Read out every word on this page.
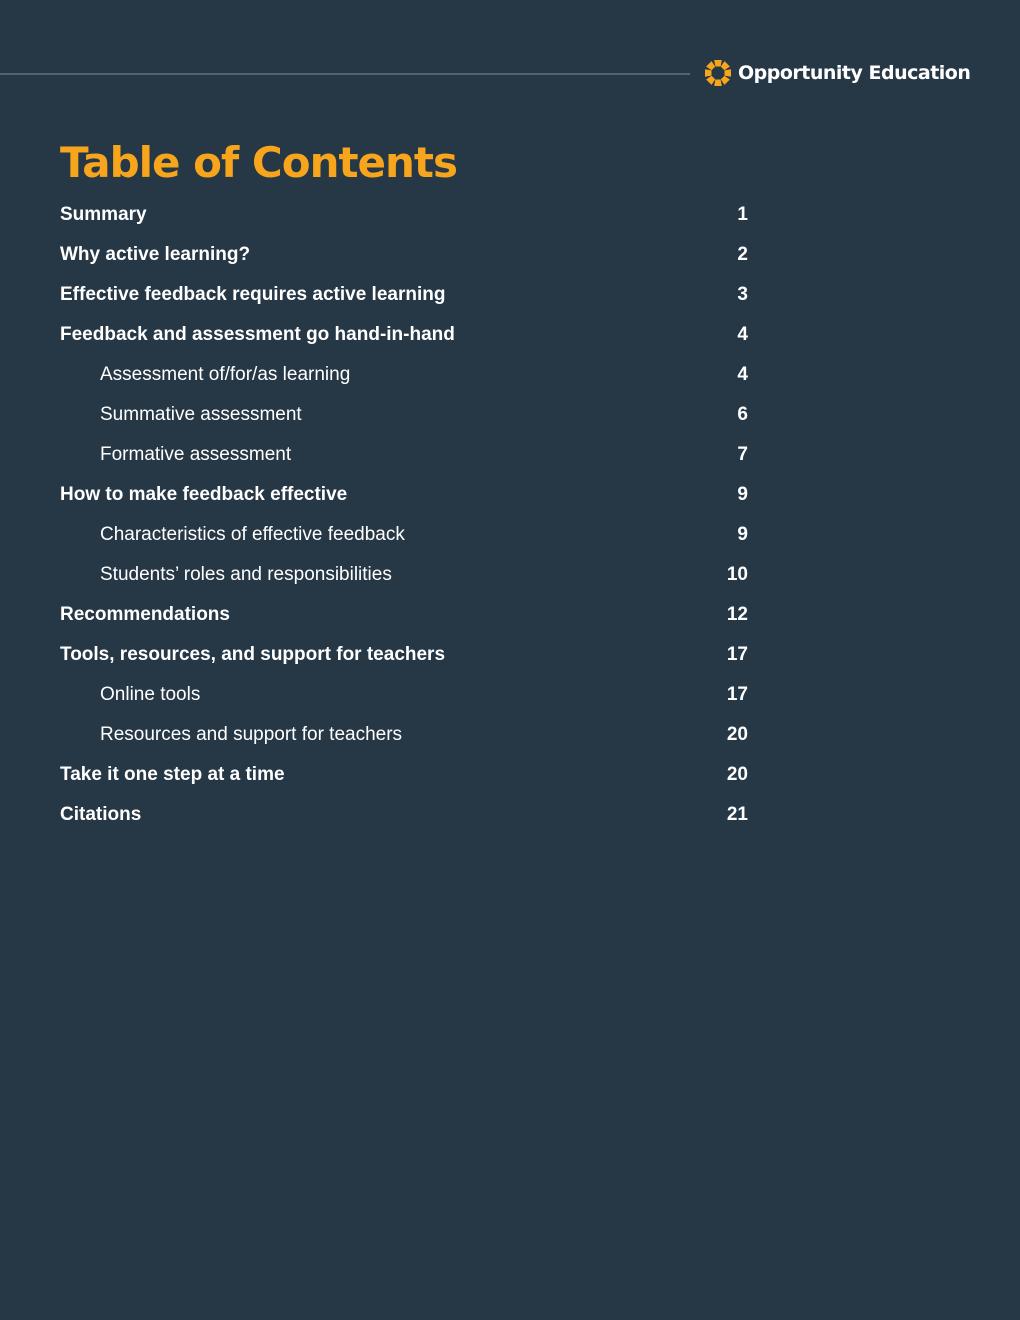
Opportunity Education
Table of Contents
Summary	1
Why active learning?	2
Effective feedback requires active learning	3
Feedback and assessment go hand-in-hand	4
Assessment of/for/as learning	4
Summative assessment	6
Formative assessment	7
How to make feedback effective	9
Characteristics of effective feedback	9
Students’ roles and responsibilities	10
Recommendations	12
Tools, resources, and support for teachers	17
Online tools	17
Resources and support for teachers	20
Take it one step at a time	20
Citations	21
